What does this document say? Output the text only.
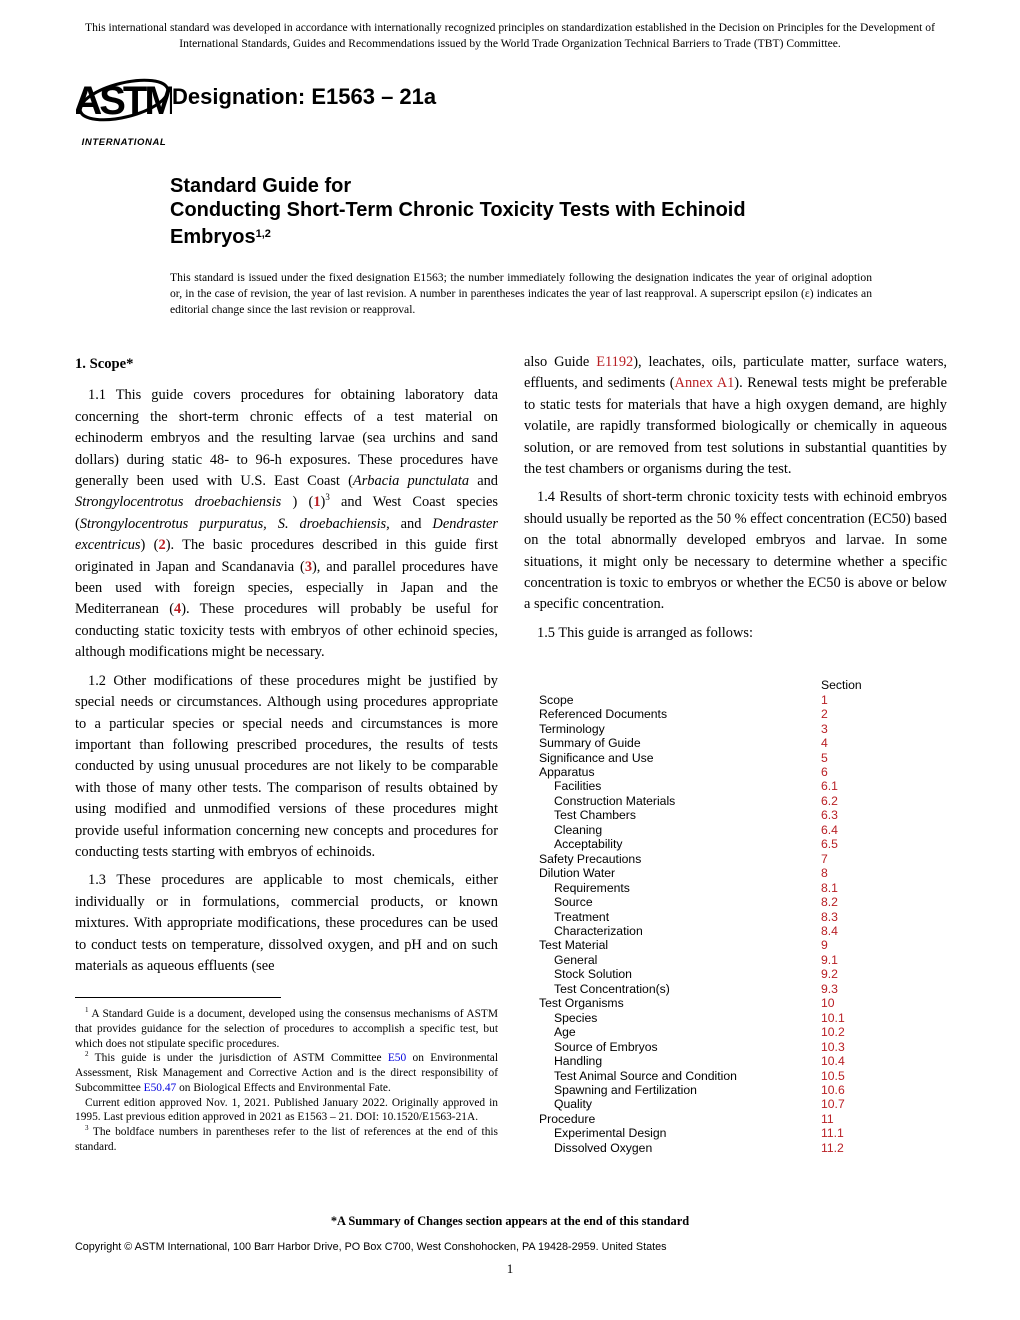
This international standard was developed in accordance with internationally recognized principles on standardization established in the Decision on Principles for the Development of International Standards, Guides and Recommendations issued by the World Trade Organization Technical Barriers to Trade (TBT) Committee.
ASTM
INTERNATIONAL
Designation: E1563 – 21a
Standard Guide for
Conducting Short-Term Chronic Toxicity Tests with Echinoid
Embryos$^{1,2}$
This standard is issued under the fixed designation E1563; the number immediately following the designation indicates the year of original adoption or, in the case of revision, the year of last revision. A number in parentheses indicates the year of last reapproval. A superscript epsilon (ε) indicates an editorial change since the last revision or reapproval.
1. Scope*

1.1 This guide covers procedures for obtaining laboratory data concerning the short-term chronic effects of a test material on echinoderm embryos and the resulting larvae (sea urchins and sand dollars) during static 48- to 96-h exposures. These procedures have generally been used with U.S. East Coast (Arbacia punctulata and Strongylocentrotus droebachiensis ) $(1)^3$ and West Coast species (Strongylocentrotus purpuratus, S. droebachiensis, and Dendraster excentricus) (2). The basic procedures described in this guide first originated in Japan and Scandanavia (3), and parallel procedures have been used with foreign species, especially in Japan and the Mediterranean (4). These procedures will probably be useful for conducting static toxicity tests with embryos of other echinoid species, although modifications might be necessary.

1.2 Other modifications of these procedures might be justified by special needs or circumstances. Although using procedures appropriate to a particular species or special needs and circumstances is more important than following prescribed procedures, the results of tests conducted by using unusual procedures are not likely to be comparable with those of many other tests. The comparison of results obtained by using modified and unmodified versions of these procedures might provide useful information concerning new concepts and procedures for conducting tests starting with embryos of echinoids.

1.3 These procedures are applicable to most chemicals, either individually or in formulations, commercial products, or known mixtures. With appropriate modifications, these procedures can be used to conduct tests on temperature, dissolved oxygen, and pH and on such materials as aqueous effluents (see

$^1$ A Standard Guide is a document, developed using the consensus mechanisms of ASTM that provides guidance for the selection of procedures to accomplish a specific test, but which does not stipulate specific procedures.

$^2$ This guide is under the jurisdiction of ASTM Committee E50 on Environmental Assessment, Risk Management and Corrective Action and is the direct responsibility of Subcommittee E50.47 on Biological Effects and Environmental Fate.

Current edition approved Nov. 1, 2021. Published January 2022. Originally approved in 1995. Last previous edition approved in 2021 as E1563 – 21. DOI: 10.1520/E1563-21A.

$^3$ The boldface numbers in parentheses refer to the list of references at the end of this standard.

also Guide E1192), leachates, oils, particulate matter, surface waters, effluents, and sediments (Annex A1). Renewal tests might be preferable to static tests for materials that have a high oxygen demand, are highly volatile, are rapidly transformed biologically or chemically in aqueous solution, or are removed from test solutions in substantial quantities by the test chambers or organisms during the test.

1.4 Results of short-term chronic toxicity tests with echinoid embryos should usually be reported as the 50 % effect concentration (EC50) based on the total abnormally developed embryos and larvae. In some situations, it might only be necessary to determine whether a specific concentration is toxic to embryos or whether the EC50 is above or below a specific concentration.

1.5 This guide is arranged as follows:

Section
Scope	1
Referenced Documents	2
Terminology	3
Summary of Guide	4
Significance and Use	5
Apparatus	6
Facilities	6.1
Construction Materials	6.2
Test Chambers	6.3
Cleaning	6.4
Acceptability	6.5
Safety Precautions	7
Dilution Water	8
Requirements	8.1
Source	8.2
Treatment	8.3
Characterization	8.4
Test Material	9
General	9.1
Stock Solution	9.2
Test Concentration(s)	9.3
Test Organisms	10
Species	10.1
Age	10.2
Source of Embryos	10.3
Handling	10.4
Test Animal Source and Condition	10.5
Spawning and Fertilization	10.6
Quality	10.7
Procedure	11
Experimental Design	11.1
Dissolved Oxygen	11.2
*A Summary of Changes section appears at the end of this standard
Copyright © ASTM International, 100 Barr Harbor Drive, PO Box C700, West Conshohocken, PA 19428-2959. United States
1
